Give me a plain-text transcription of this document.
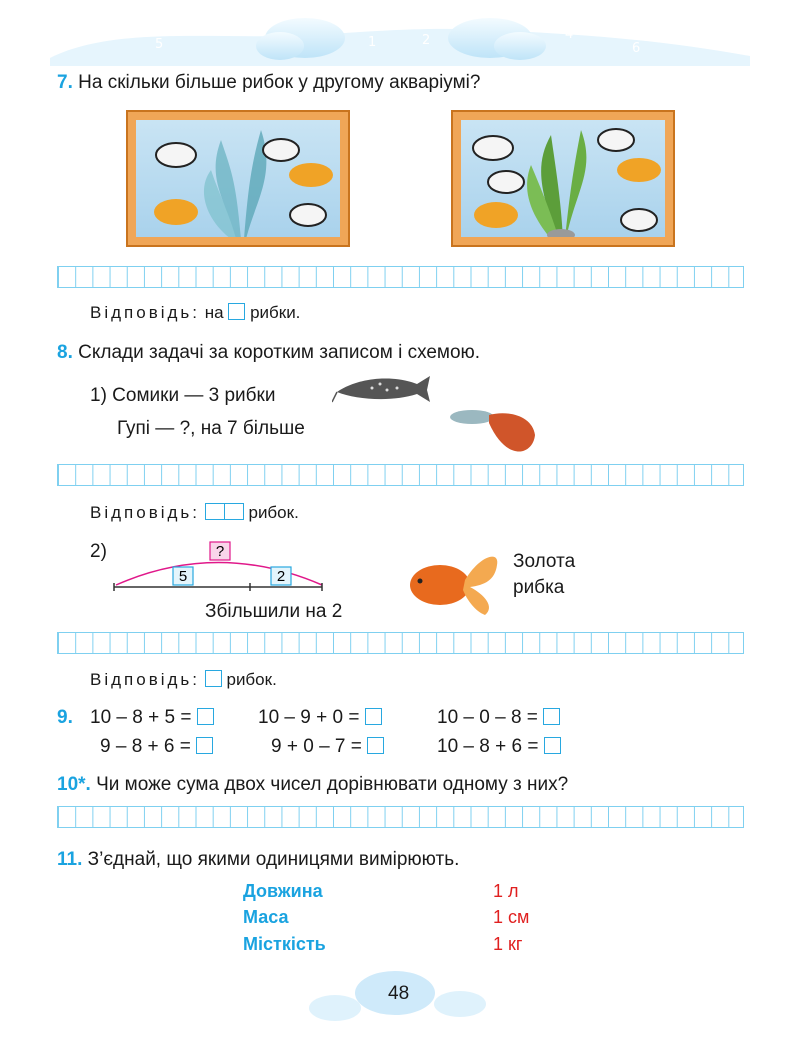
7
5
3
1
0
2	4
6
8
7. На скільки більше рибок у другому акваріумі?
Відповідь: на рибки.
8. Склади задачі за коротким записом і схемою.
1) Сомики — 3 рибки
Гупі — ?, на 7 більше
Відповідь:	рибок.
2)	?
5	2
Збільшили на 2
Золота
рибка
Відповідь: рибок.
9. 10 – 8 + 5 =	10 – 9 + 0 =	10 – 0 – 8 =
9 – 8 + 6 =	9 + 0 – 7 =	10 – 8 + 6 =
10*. Чи може сума двох чисел дорівнювати одному з них?
11. З’єднай, що якими одиницями вимірюють.
Довжина
Маса
Місткість
1 л
1 см
1 кг
48
